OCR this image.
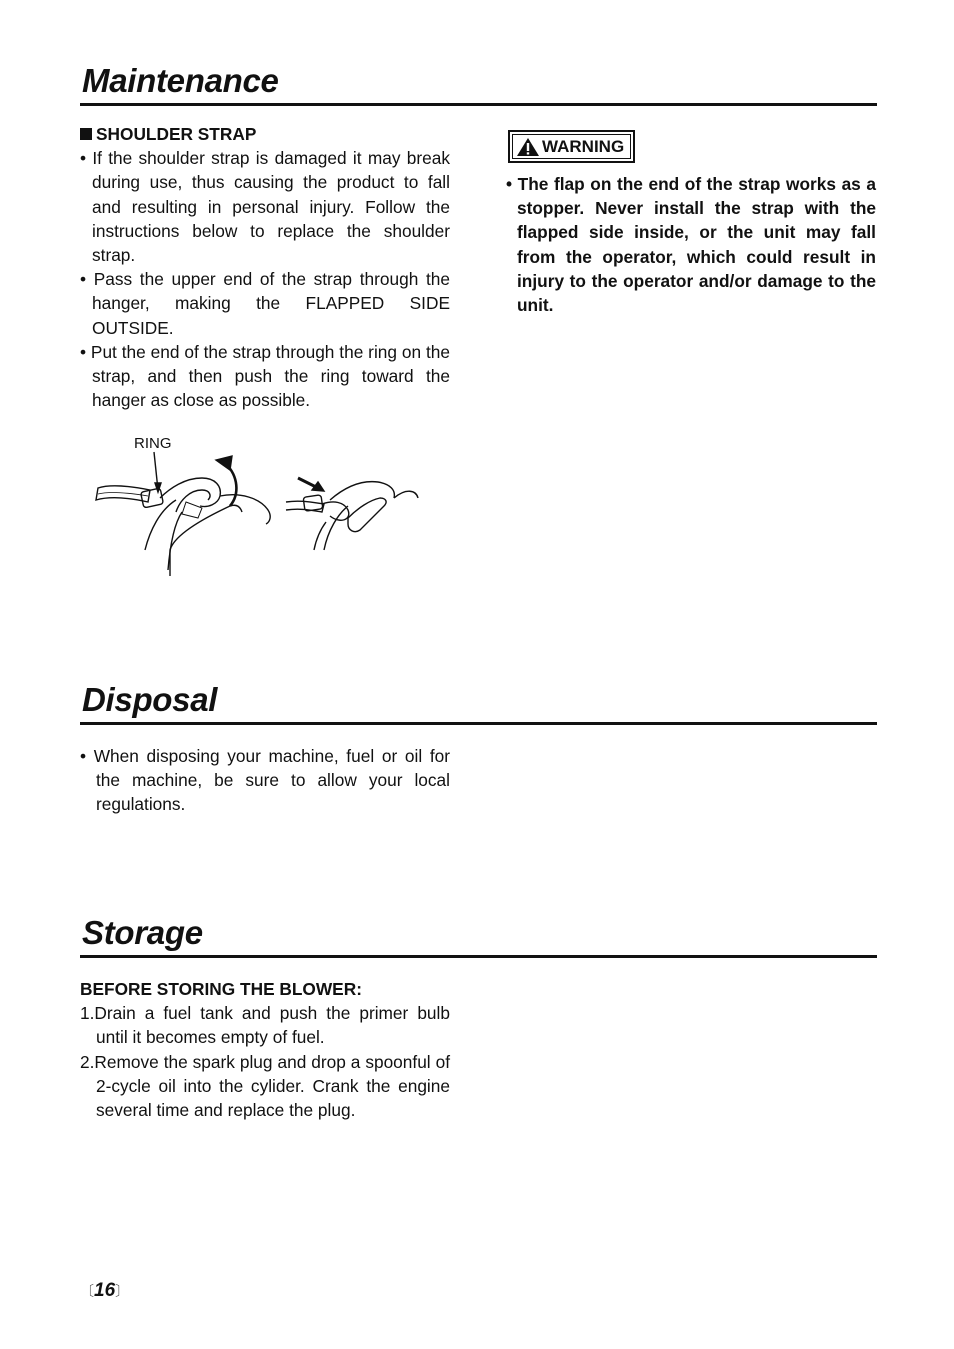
Maintenance

SHOULDER STRAP

• If the shoulder strap is damaged it may break during use, thus causing the product to fall and resulting in personal injury. Follow the instructions below to replace the shoulder strap.

• Pass the upper end of the strap through the hanger, making the FLAPPED SIDE OUTSIDE.

• Put the end of the strap through the ring on the strap, and then push the ring toward the hanger as close as possible.

RING
WARNING

• The flap on the end of the strap works as a stopper. Never install the strap with the flapped side inside, or the unit may fall from the operator, which could result in injury to the operator and/or damage to the unit.

Disposal

• When disposing your machine, fuel or oil for the machine, be sure to allow your local regulations.

Storage

BEFORE STORING THE BLOWER:

1.Drain a fuel tank and push the primer bulb until it becomes empty of fuel.

2.Remove the spark plug and drop a spoonful of 2-cycle oil into the cylider. Crank the engine several time and replace the plug.

〔16〕
